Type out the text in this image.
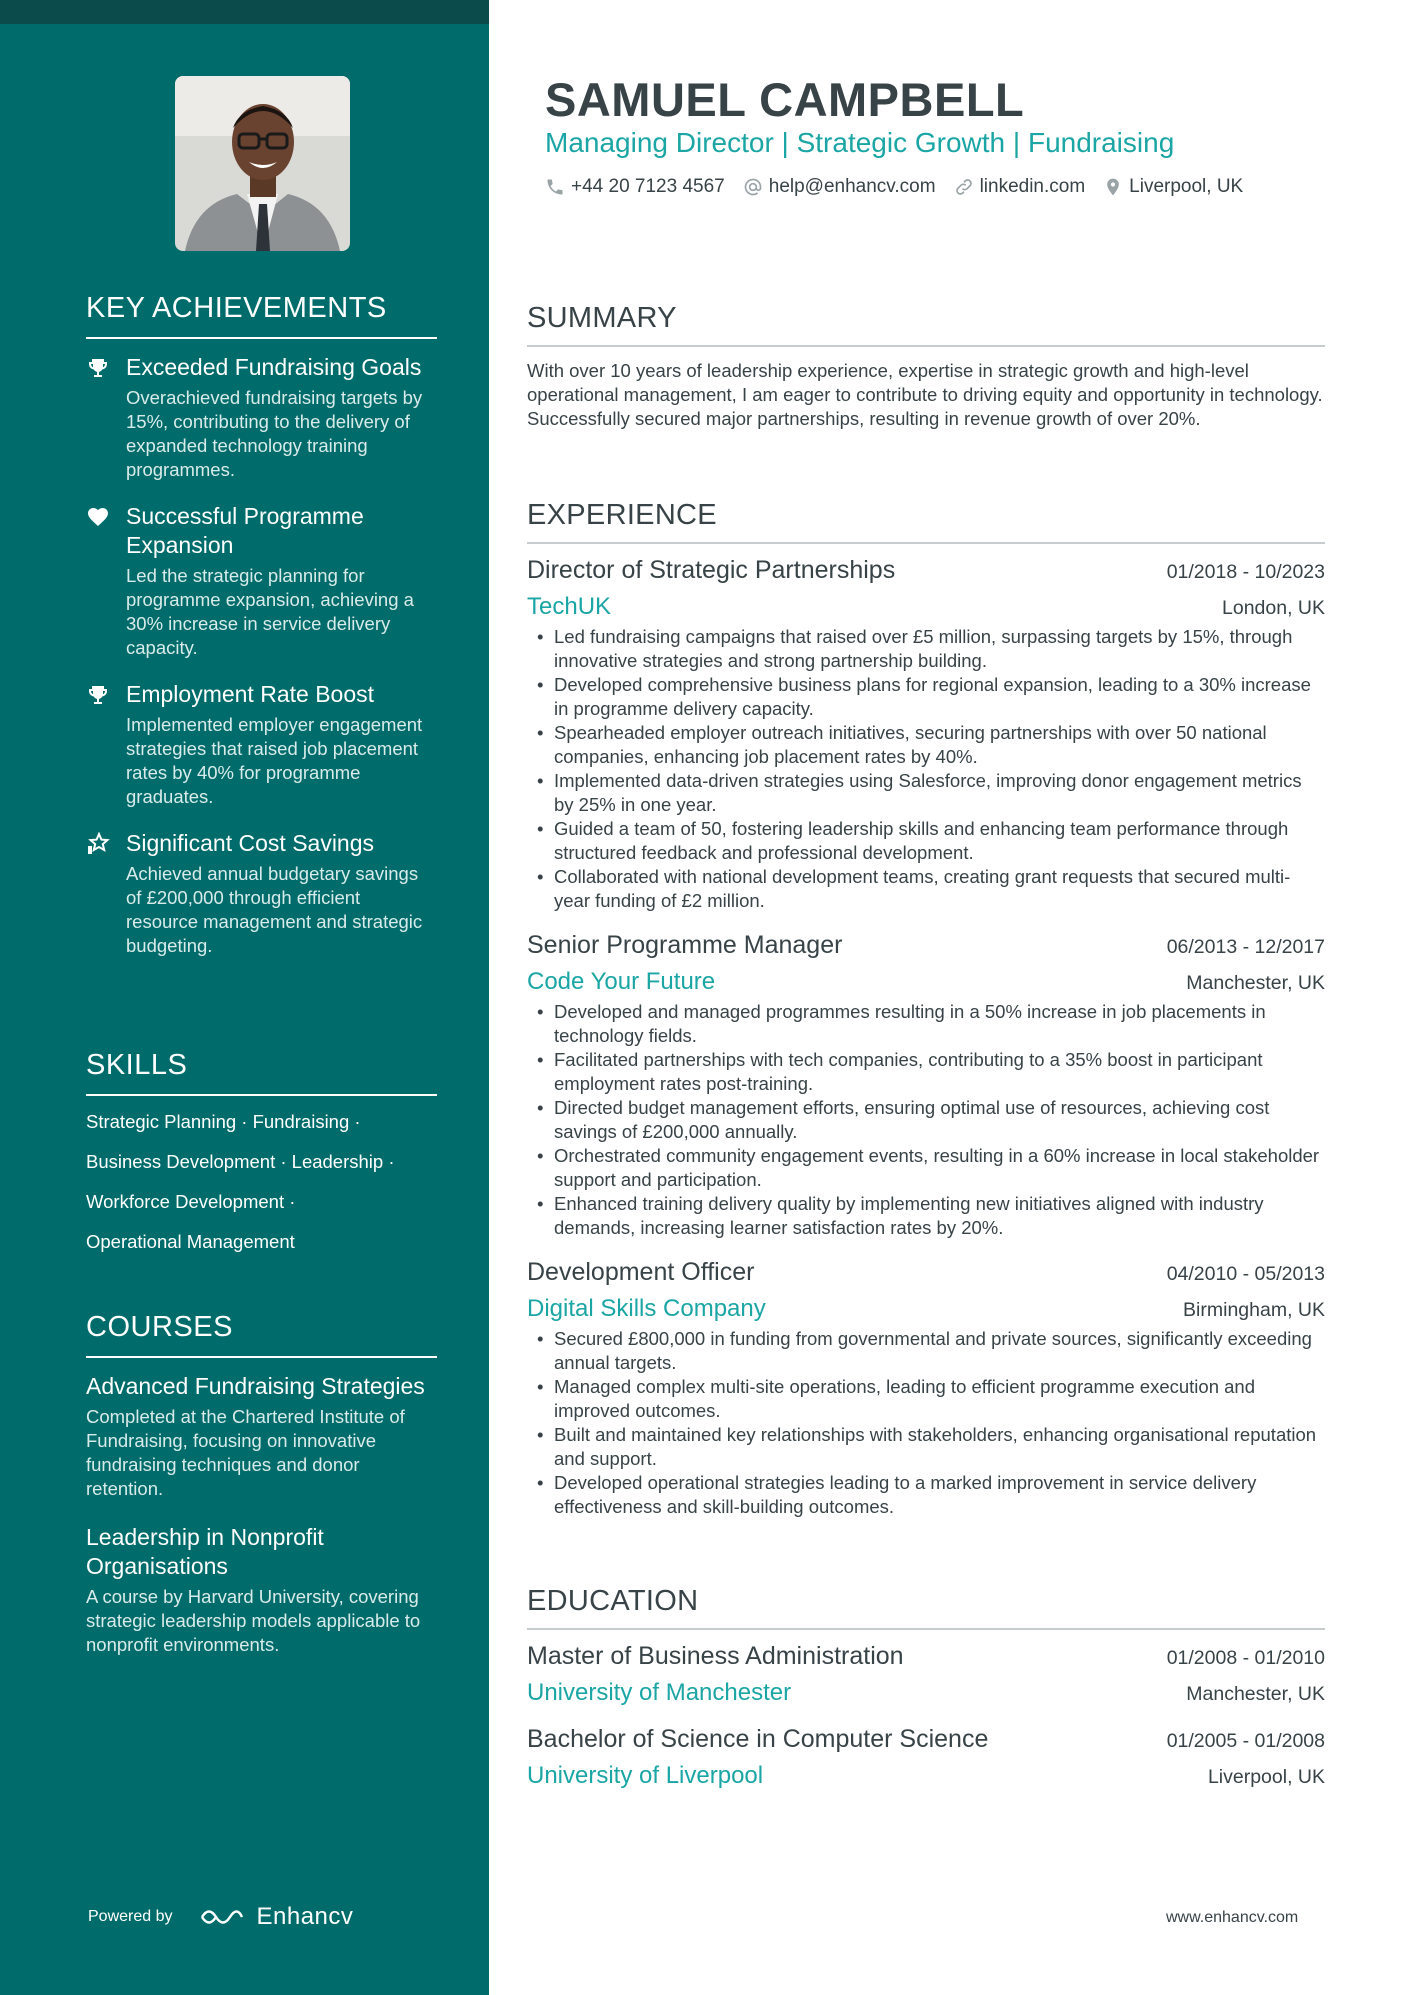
KEY ACHIEVEMENTS
Exceeded Fundraising Goals
Overachieved fundraising targets by 15%, contributing to the delivery of expanded technology training programmes.
Successful Programme Expansion
Led the strategic planning for programme expansion, achieving a 30% increase in service delivery capacity.
Employment Rate Boost
Implemented employer engagement strategies that raised job placement rates by 40% for programme graduates.
Significant Cost Savings
Achieved annual budgetary savings of £200,000 through efficient resource management and strategic budgeting.
SKILLS
Strategic Planning · Fundraising ·
Business Development · Leadership ·
Workforce Development ·
Operational Management
COURSES
Advanced Fundraising Strategies
Completed at the Chartered Institute of Fundraising, focusing on innovative fundraising techniques and donor retention.
Leadership in Nonprofit Organisations
A course by Harvard University, covering strategic leadership models applicable to nonprofit environments.
Powered by	Enhancv
SAMUEL CAMPBELL
Managing Director | Strategic Growth | Fundraising
+44 20 7123 4567 help@enhancv.com linkedin.com Liverpool, UK
SUMMARY
With over 10 years of leadership experience, expertise in strategic growth and high-level operational management, I am eager to contribute to driving equity and opportunity in technology. Successfully secured major partnerships, resulting in revenue growth of over 20%.
EXPERIENCE
Director of Strategic Partnerships	01/2018 - 10/2023
TechUK	London, UK
• Led fundraising campaigns that raised over £5 million, surpassing targets by 15%, through innovative strategies and strong partnership building.
• Developed comprehensive business plans for regional expansion, leading to a 30% increase in programme delivery capacity.
• Spearheaded employer outreach initiatives, securing partnerships with over 50 national companies, enhancing job placement rates by 40%.
• Implemented data-driven strategies using Salesforce, improving donor engagement metrics by 25% in one year.
• Guided a team of 50, fostering leadership skills and enhancing team performance through structured feedback and professional development.
• Collaborated with national development teams, creating grant requests that secured multi-year funding of £2 million.
Senior Programme Manager	06/2013 - 12/2017
Code Your Future	Manchester, UK
• Developed and managed programmes resulting in a 50% increase in job placements in technology fields.
• Facilitated partnerships with tech companies, contributing to a 35% boost in participant employment rates post-training.
• Directed budget management efforts, ensuring optimal use of resources, achieving cost savings of £200,000 annually.
• Orchestrated community engagement events, resulting in a 60% increase in local stakeholder support and participation.
• Enhanced training delivery quality by implementing new initiatives aligned with industry demands, increasing learner satisfaction rates by 20%.
Development Officer	04/2010 - 05/2013
Digital Skills Company	Birmingham, UK
• Secured £800,000 in funding from governmental and private sources, significantly exceeding annual targets.
• Managed complex multi-site operations, leading to efficient programme execution and improved outcomes.
• Built and maintained key relationships with stakeholders, enhancing organisational reputation and support.
• Developed operational strategies leading to a marked improvement in service delivery effectiveness and skill-building outcomes.
EDUCATION
Master of Business Administration	01/2008 - 01/2010
University of Manchester	Manchester, UK
Bachelor of Science in Computer Science	01/2005 - 01/2008
University of Liverpool	Liverpool, UK
www.enhancv.com
